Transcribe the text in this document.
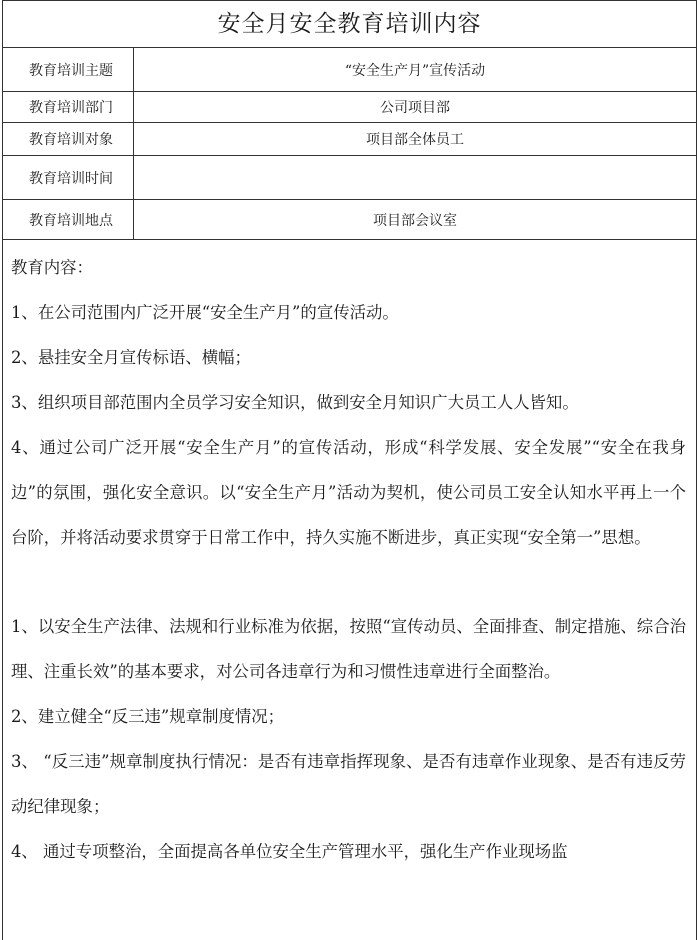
安全月安全教育培训内容
教育培训主题	“安全生产月”宣传活动
教育培训部门	公司项目部
教育培训对象	项目部全体员工
教育培训时间
教育培训地点	项目部会议室

教育内容：

1、在公司范围内广泛开展“安全生产月”的宣传活动。

2、悬挂安全月宣传标语、横幅；

3、组织项目部范围内全员学习安全知识，做到安全月知识广大员工人人皆知。

4、通过公司广泛开展“安全生产月”的宣传活动，形成“科学发展、安全发展”“安全在我身边”的氛围，强化安全意识。以“安全生产月”活动为契机，使公司员工安全认知水平再上一个台阶，并将活动要求贯穿于日常工作中，持久实施不断进步，真正实现“安全第一”思想。

1、以安全生产法律、法规和行业标准为依据，按照“宣传动员、全面排查、制定措施、综合治理、注重长效”的基本要求，对公司各违章行为和习惯性违章进行全面整治。

2、建立健全“反三违”规章制度情况；

3、 “反三违”规章制度执行情况：是否有违章指挥现象、是否有违章作业现象、是否有违反劳动纪律现象；

4、 通过专项整治，全面提高各单位安全生产管理水平，强化生产作业现场监
